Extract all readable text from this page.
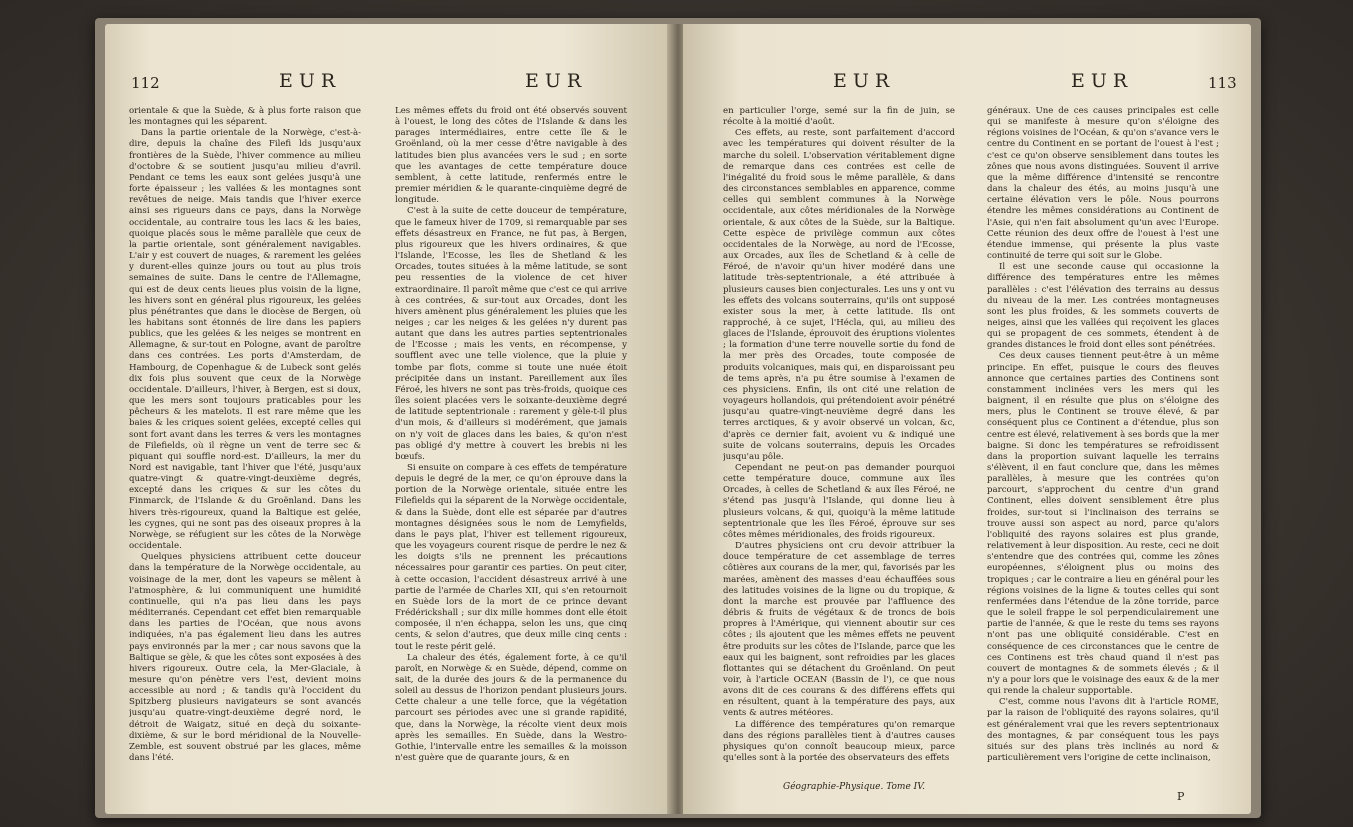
112	EUR	EUR

orientale & que la Suède, & à plus forte raison que les montagnes qui les séparent.

Dans la partie orientale de la Norwège, c'est-à-dire, depuis la chaîne des Filefi lds jusqu'aux frontières de la Suède, l'hiver commence au milieu d'octobre & se soutient jusqu'au milieu d'avril. Pendant ce tems les eaux sont gelées jusqu'à une forte épaisseur ; les vallées & les montagnes sont revêtues de neige. Mais tandis que l'hiver exerce ainsi ses rigueurs dans ce pays, dans la Norwège occidentale, au contraire tous les lacs & les baies, quoique placés sous le même parallèle que ceux de la partie orientale, sont généralement navigables. L'air y est couvert de nuages, & rarement les gelées y durent-elles quinze jours ou tout au plus trois semaines de suite. Dans le centre de l'Allemagne, qui est de deux cents lieues plus voisin de la ligne, les hivers sont en général plus rigoureux, les gelées plus pénétrantes que dans le diocèse de Bergen, où les habitans sont étonnés de lire dans les papiers publics, que les gelées & les neiges se montrent en Allemagne, & sur-tout en Pologne, avant de paroître dans ces contrées. Les ports d'Amsterdam, de Hambourg, de Copenhague & de Lubeck sont gelés dix fois plus souvent que ceux de la Norwège occidentale. D'ailleurs, l'hiver, à Bergen, est si doux, que les mers sont toujours praticables pour les pêcheurs & les matelots. Il est rare même que les baies & les criques soient gelées, excepté celles qui sont fort avant dans les terres & vers les montagnes de Filefields, où il règne un vent de terre sec & piquant qui souffle nord-est. D'ailleurs, la mer du Nord est navigable, tant l'hiver que l'été, jusqu'aux quatre-vingt & quatre-vingt-deuxième degrés, excepté dans les criques & sur les côtes du Finmarck, de l'Islande & du Groënland. Dans les hivers très-rigoureux, quand la Baltique est gelée, les cygnes, qui ne sont pas des oiseaux propres à la Norwège, se réfugient sur les côtes de la Norwège occidentale.

Quelques physiciens attribuent cette douceur dans la température de la Norwège occidentale, au voisinage de la mer, dont les vapeurs se mêlent à l'atmosphère, & lui communiquent une humidité continuelle, qui n'a pas lieu dans les pays méditerranés. Cependant cet effet bien remarquable dans les parties de l'Océan, que nous avons indiquées, n'a pas également lieu dans les autres pays environnés par la mer ; car nous savons que la Baltique se gèle, & que les côtes sont exposées à des hivers rigoureux. Outre cela, la Mer-Glaciale, à mesure qu'on pénètre vers l'est, devient moins accessible au nord ; & tandis qu'à l'occident du Spitzberg plusieurs navigateurs se sont avancés jusqu'au quatre-vingt-deuxième degré nord, le détroit de Waigatz, situé en deçà du soixante-dixième, & sur le bord méridional de la Nouvelle-Zemble, est souvent obstrué par les glaces, même dans l'été.

Les mêmes effets du froid ont été observés souvent à l'ouest, le long des côtes de l'Islande & dans les parages intermédiaires, entre cette île & le Groënland, où la mer cesse d'être navigable à des latitudes bien plus avancées vers le sud ; en sorte que les avantages de cette température douce semblent, à cette latitude, renfermés entre le premier méridien & le quarante-cinquième degré de longitude.

C'est à la suite de cette douceur de température, que le fameux hiver de 1709, si remarquable par ses effets désastreux en France, ne fut pas, à Bergen, plus rigoureux que les hivers ordinaires, & que l'Islande, l'Ecosse, les îles de Shetland & les Orcades, toutes situées à la même latitude, se sont peu ressenties de la violence de cet hiver extraordinaire. Il paroît même que c'est ce qui arrive à ces contrées, & sur-tout aux Orcades, dont les hivers amènent plus généralement les pluies que les neiges ; car les neiges & les gelées n'y durent pas autant que dans les autres parties septentrionales de l'Ecosse ; mais les vents, en récompense, y soufflent avec une telle violence, que la pluie y tombe par flots, comme si toute une nuée étoit précipitée dans un instant. Pareillement aux îles Féroé, les hivers ne sont pas très-froids, quoique ces îles soient placées vers le soixante-deuxième degré de latitude septentrionale : rarement y gèle-t-il plus d'un mois, & d'ailleurs si modérément, que jamais on n'y voit de glaces dans les baies, & qu'on n'est pas obligé d'y mettre à couvert les brebis ni les bœufs.

Si ensuite on compare à ces effets de température depuis le degré de la mer, ce qu'on éprouve dans la portion de la Norwège orientale, située entre les Filefields qui la séparent de la Norwège occidentale, & dans la Suède, dont elle est séparée par d'autres montagnes désignées sous le nom de Lemyfields, dans le pays plat, l'hiver est tellement rigoureux, que les voyageurs courent risque de perdre le nez & les doigts s'ils ne prennent les précautions nécessaires pour garantir ces parties. On peut citer, à cette occasion, l'accident désastreux arrivé à une partie de l'armée de Charles XII, qui s'en retournoit en Suède lors de la mort de ce prince devant Frédérickshall ; sur dix mille hommes dont elle étoit composée, il n'en échappa, selon les uns, que cinq cents, & selon d'autres, que deux mille cinq cents : tout le reste périt gelé.

La chaleur des étés, également forte, à ce qu'il paroît, en Norwège & en Suède, dépend, comme on sait, de la durée des jours & de la permanence du soleil au dessus de l'horizon pendant plusieurs jours. Cette chaleur a une telle force, que la végétation parcourt ses périodes avec une si grande rapidité, que, dans la Norwège, la récolte vient deux mois après les semailles. En Suède, dans la Westro-Gothie, l'intervalle entre les semailles & la moisson n'est guère que de quarante jours, & en

EUR	EUR	113

en particulier l'orge, semé sur la fin de juin, se récolte à la moitié d'août.

Ces effets, au reste, sont parfaitement d'accord avec les températures qui doivent résulter de la marche du soleil. L'observation véritablement digne de remarque dans ces contrées est celle de l'inégalité du froid sous le même parallèle, & dans des circonstances semblables en apparence, comme celles qui semblent communes à la Norwège occidentale, aux côtes méridionales de la Norwège orientale, & aux côtes de la Suède, sur la Baltique. Cette espèce de privilège commun aux côtes occidentales de la Norwège, au nord de l'Ecosse, aux Orcades, aux îles de Schetland & à celle de Féroé, de n'avoir qu'un hiver modéré dans une latitude très-septentrionale, a été attribuée à plusieurs causes bien conjecturales. Les uns y ont vu les effets des volcans souterrains, qu'ils ont supposé exister sous la mer, à cette latitude. Ils ont rapproché, à ce sujet, l'Hécla, qui, au milieu des glaces de l'Islande, éprouvoit des éruptions violentes ; la formation d'une terre nouvelle sortie du fond de la mer près des Orcades, toute composée de produits volcaniques, mais qui, en disparoissant peu de tems après, n'a pu être soumise à l'examen de ces physiciens. Enfin, ils ont cité une relation de voyageurs hollandois, qui prétendoient avoir pénétré jusqu'au quatre-vingt-neuvième degré dans les terres arctiques, & y avoir observé un volcan, &c, d'après ce dernier fait, avoient vu & indiqué une suite de volcans souterrains, depuis les Orcades jusqu'au pôle.

Cependant ne peut-on pas demander pourquoi cette température douce, commune aux îles Orcades, à celles de Schetland & aux îles Féroé, ne s'étend pas jusqu'à l'Islande, qui donne lieu à plusieurs volcans, & qui, quoiqu'à la même latitude septentrionale que les îles Féroé, éprouve sur ses côtes mêmes méridionales, des froids rigoureux.

D'autres physiciens ont cru devoir attribuer la douce température de cet assemblage de terres côtières aux courans de la mer, qui, favorisés par les marées, amènent des masses d'eau échauffées sous des latitudes voisines de la ligne ou du tropique, & dont la marche est prouvée par l'affluence des débris & fruits de végétaux & de troncs de bois propres à l'Amérique, qui viennent aboutir sur ces côtes ; ils ajoutent que les mêmes effets ne peuvent être produits sur les côtes de l'Islande, parce que les eaux qui les baignent, sont refroidies par les glaces flottantes qui se détachent du Groënland. On peut voir, à l'article OCEAN (Bassin de l'), ce que nous avons dit de ces courans & des différens effets qui en résultent, quant à la température des pays, aux vents & autres météores.

La différence des températures qu'on remarque dans des régions parallèles tient à d'autres causes physiques qu'on connoît beaucoup mieux, parce qu'elles sont à la portée des observateurs des effets

généraux. Une de ces causes principales est celle qui se manifeste à mesure qu'on s'éloigne des régions voisines de l'Océan, & qu'on s'avance vers le centre du Continent en se portant de l'ouest à l'est ; c'est ce qu'on observe sensiblement dans toutes les zônes que nous avons distinguées. Souvent il arrive que la même différence d'intensité se rencontre dans la chaleur des étés, au moins jusqu'à une certaine élévation vers le pôle. Nous pourrons étendre les mêmes considérations au Continent de l'Asie, qui n'en fait absolument qu'un avec l'Europe. Cette réunion des deux offre de l'ouest à l'est une étendue immense, qui présente la plus vaste continuité de terre qui soit sur le Globe.

Il est une seconde cause qui occasionne la différence des températures entre les mêmes parallèles : c'est l'élévation des terrains au dessus du niveau de la mer. Les contrées montagneuses sont les plus froides, & les sommets couverts de neiges, ainsi que les vallées qui reçoivent les glaces qui se propagent de ces sommets, étendent à de grandes distances le froid dont elles sont pénétrées.

Ces deux causes tiennent peut-être à un même principe. En effet, puisque le cours des fleuves annonce que certaines parties des Continens sont constamment inclinées vers les mers qui les baignent, il en résulte que plus on s'éloigne des mers, plus le Continent se trouve élevé, & par conséquent plus ce Continent a d'étendue, plus son centre est élevé, relativement à ses bords que la mer baigne. Si donc les températures se refroidissent dans la proportion suivant laquelle les terrains s'élèvent, il en faut conclure que, dans les mêmes parallèles, à mesure que les contrées qu'on parcourt, s'approchent du centre d'un grand Continent, elles doivent sensiblement être plus froides, sur-tout si l'inclinaison des terrains se trouve aussi son aspect au nord, parce qu'alors l'obliquité des rayons solaires est plus grande, relativement à leur disposition. Au reste, ceci ne doit s'entendre que des contrées qui, comme les zônes européennes, s'éloignent plus ou moins des tropiques ; car le contraire a lieu en général pour les régions voisines de la ligne & toutes celles qui sont renfermées dans l'étendue de la zône torride, parce que le soleil frappe le sol perpendiculairement une partie de l'année, & que le reste du tems ses rayons n'ont pas une obliquité considérable. C'est en conséquence de ces circonstances que le centre de ces Continens est très chaud quand il n'est pas couvert de montagnes & de sommets élevés ; & il n'y a pour lors que le voisinage des eaux & de la mer qui rende la chaleur supportable.

C'est, comme nous l'avons dit à l'article ROME, par la raison de l'obliquité des rayons solaires, qu'il est généralement vrai que les revers septentrionaux des montagnes, & par conséquent tous les pays situés sur des plans très inclinés au nord & particulièrement vers l'origine de cette inclinaison,

Géographie-Physique. Tome IV.
P
